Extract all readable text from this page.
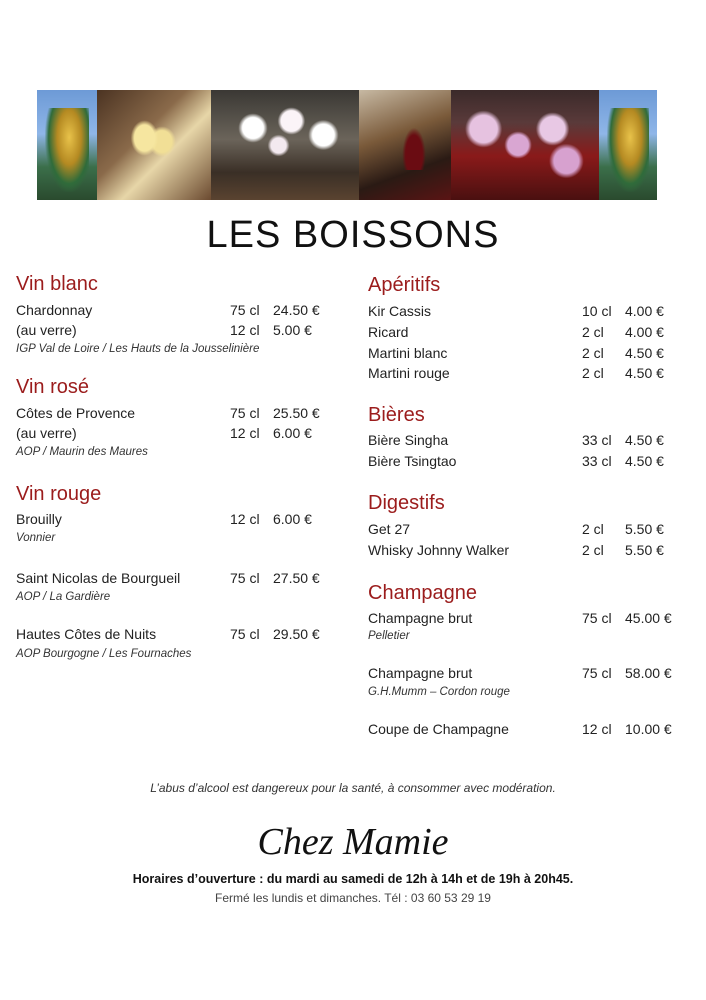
LES BOISSONS
Vin blanc
Chardonnay	75 cl 24.50 €
(au verre)	12 cl 5.00 €
IGP Val de Loire / Les Hauts de la Jousselinière
Vin rosé
Côtes de Provence	75 cl 25.50 €
(au verre)	12 cl 6.00 €
AOP / Maurin des Maures
Vin rouge
Brouilly	12 cl 6.00 €
Vonnier
Saint Nicolas de Bourgueil	75 cl 27.50 €
AOP / La Gardière
Hautes Côtes de Nuits	75 cl 29.50 €
AOP Bourgogne / Les Fournaches
Apéritifs
Kir Cassis	10 cl 4.00 €
Ricard	2 cl 4.00 €
Martini blanc	2 cl 4.50 €
Martini rouge	2 cl 4.50 €
Bières
Bière Singha	33 cl 4.50 €
Bière Tsingtao	33 cl 4.50 €
Digestifs
Get 27	2 cl 5.50 €
Whisky Johnny Walker	2 cl 5.50 €
Champagne
Champagne brut	75 cl 45.00 €
Pelletier
Champagne brut	75 cl 58.00 €
G.H.Mumm – Cordon rouge
Coupe de Champagne	12 cl 10.00 €
L’abus d’alcool est dangereux pour la santé, à consommer avec modération.
Chez Mamie
Horaires d’ouverture : du mardi au samedi de 12h à 14h et de 19h à 20h45.
Fermé les lundis et dimanches. Tél : 03 60 53 29 19
